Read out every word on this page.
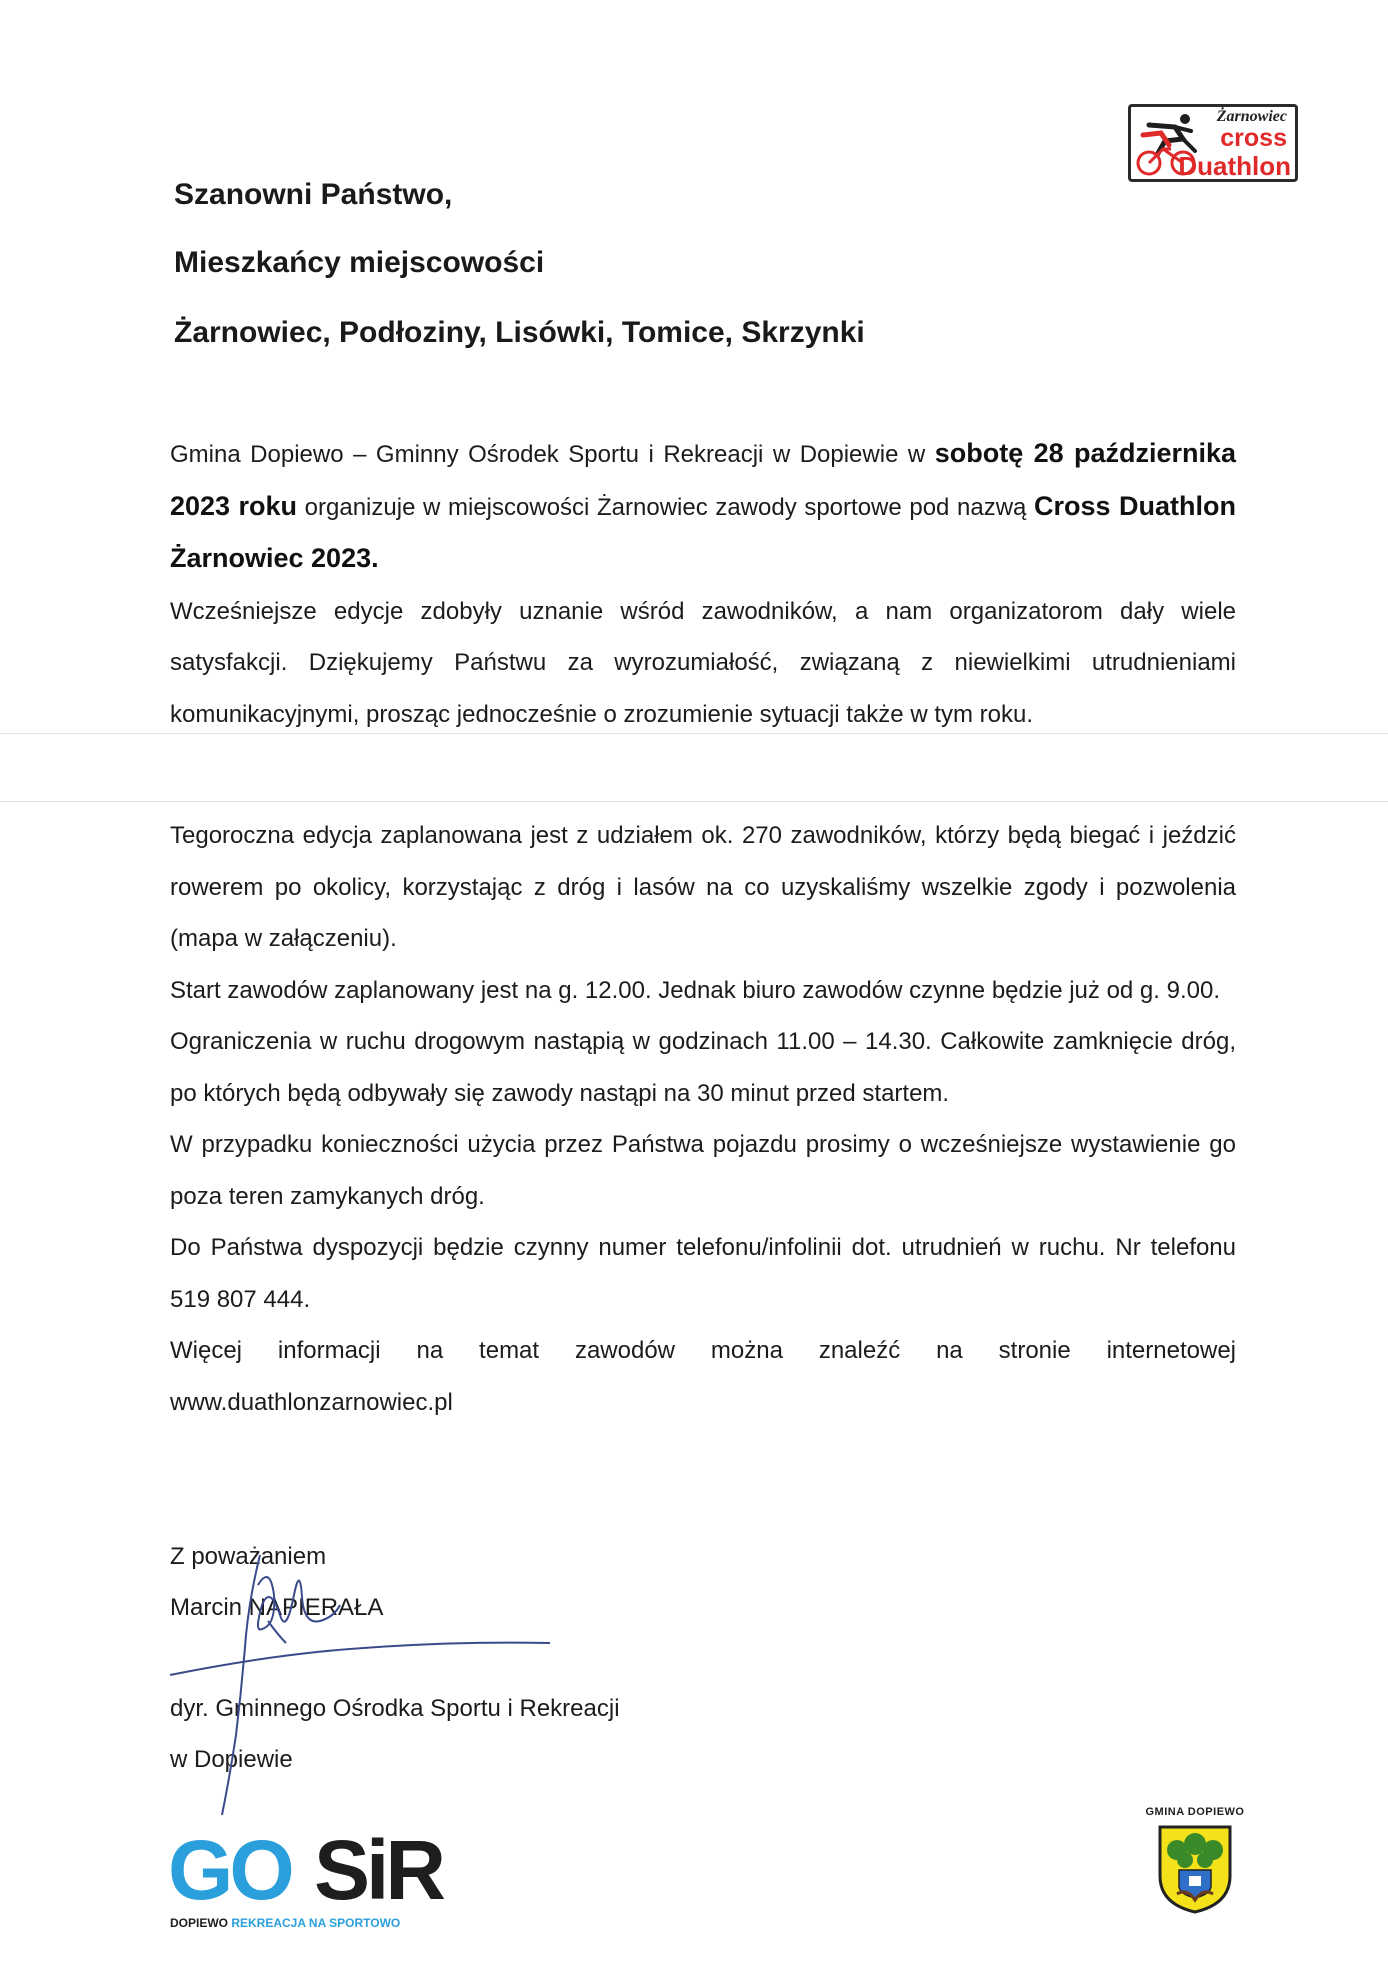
Żarnowiec
cross
Duathlon
Szanowni Państwo,
Mieszkańcy miejscowości
Żarnowiec, Podłoziny, Lisówki, Tomice, Skrzynki

Gmina Dopiewo – Gminny Ośrodek Sportu i Rekreacji w Dopiewie w sobotę 28 października 2023 roku organizuje w miejscowości Żarnowiec zawody sportowe pod nazwą Cross Duathlon Żarnowiec 2023.

Wcześniejsze edycje zdobyły uznanie wśród zawodników, a nam organizatorom dały wiele satysfakcji. Dziękujemy Państwu za wyrozumiałość, związaną z niewielkimi utrudnieniami komunikacyjnymi, prosząc jednocześnie o zrozumienie sytuacji także w tym roku.

Tegoroczna edycja zaplanowana jest z udziałem ok. 270 zawodników, którzy będą biegać i jeździć rowerem po okolicy, korzystając z dróg i lasów na co uzyskaliśmy wszelkie zgody i pozwolenia (mapa w załączeniu).

Start zawodów zaplanowany jest na g. 12.00. Jednak biuro zawodów czynne będzie już od g. 9.00.

Ograniczenia w ruchu drogowym nastąpią w godzinach 11.00 – 14.30. Całkowite zamknięcie dróg, po których będą odbywały się zawody nastąpi na 30 minut przed startem.

W przypadku konieczności użycia przez Państwa pojazdu prosimy o wcześniejsze wystawienie go poza teren zamykanych dróg.

Do Państwa dyspozycji będzie czynny numer telefonu/infolinii dot. utrudnień w ruchu. Nr telefonu 519 807 444.

Więcej informacji na temat zawodów można znaleźć na stronie internetowej www.duathlonzarnowiec.pl

Z poważaniem

Marcin NAPIERAŁA

dyr. Gminnego Ośrodka Sportu i Rekreacji

w Dopiewie

GO SiR
DOPIEWO REKREACJA NA SPORTOWO
GMINA DOPIEWO
